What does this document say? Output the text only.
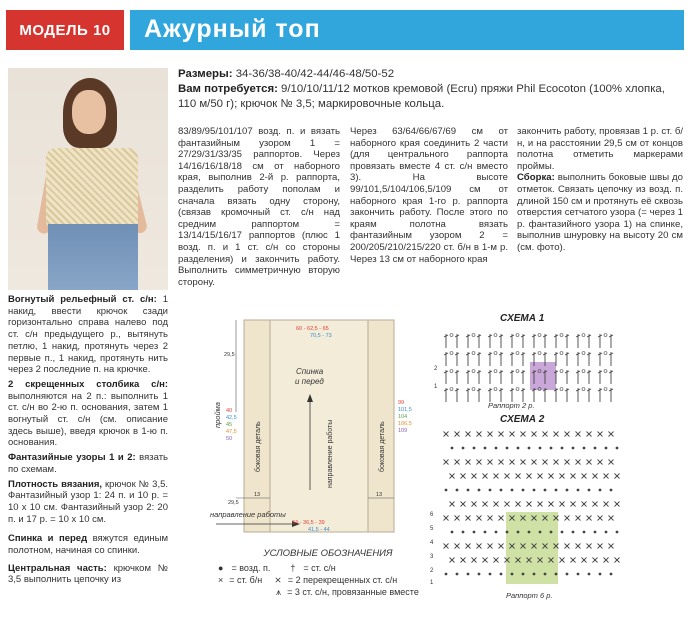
МОДЕЛЬ 10 Ажурный топ

Размеры: 34-36/38-40/42-44/46-48/50-52

Вам потребуется: 9/10/10/11/12 мотков кремовой (Ecru) пряжи Phil Ecocoton (100% хлопка, 110 м/50 г); крючок № 3,5; маркировочные кольца.

Вогнутый рельефный ст. с/н: 1 накид, ввести крючок сзади горизонтально справа налево под ст. с/н предыдущего р., вытянуть петлю, 1 накид, протянуть через 2 первые п., 1 накид, протянуть нить через 2 последние п. на крючке.

2 скрещенных столбика с/н: выполняются на 2 п.: выполнить 1 ст. с/н во 2-ю п. основания, затем 1 вогнутый ст. с/н (см. описание здесь выше), введя крючок в 1-ю п. основания.

Фантазийные узоры 1 и 2: вязать по схемам.

Плотность вязания, крючок № 3,5. Фантазийный узор 1: 24 п. и 10 р. = 10 х 10 см. Фантазийный узор 2: 20 п. и 17 р. = 10 х 10 см.

Спинка и перед вяжутся единым полотном, начиная со спинки.

Центральная часть: крючком № 3,5 выполнить цепочку из

83/89/95/101/107 возд. п. и вязать фантазийным узором 1 = 27/29/31/33/35 раппортов. Через 14/16/16/18/18 см от наборного края, выполнив 2-й р. раппорта, разделить работу пополам и сначала вязать одну сторону, (связав кромочный ст. с/н над средним раппортом = 13/14/15/16/17 раппортов (плюс 1 возд. п. и 1 ст. с/н со стороны разделения) и закончить работу. Выполнить симметричную вторую сторону.

Через 63/64/66/67/69 см от наборного края соединить 2 части (для центрального раппорта провязать вместе 4 ст. с/н вместо 3). На высоте 99/101,5/104/106,5/109 см от наборного края 1-го р. раппорта закончить работу. После этого по краям полотна вязать фантазийным узором 2 = 200/205/210/215/220 ст. б/н в 1-м р. Через 13 см от наборного края

закончить работу, провязав 1 р. ст. б/н, и на расстоянии 29,5 см от концов полотна отметить маркерами проймы.

Сборка: выполнить боковые швы до отметок. Связать цепочку из возд. п. длиной 150 см и протянуть её сквозь отверстия сетчатого узора (= через 1 р. фантазийного узора 1) на спинке, выполнив шнуровку на высоту 20 см (см. фото).

60 - 62,5 - 65
70,5 - 73
29,5
29,5
13	13
40
42,5
45
47,5
50
99
101,5
104
106,5
109
пройма
боковая деталь	боковая деталь
Спинка
и перед
направление работы
направление работы
34 - 36,5 - 39
41,5 - 44
УСЛОВНЫЕ ОБОЗНАЧЕНИЯ
● = возд. п. † = ст. с/н
× = ст. б/н ⨯ = 2 перекрещенных ст. с/н
⩚ = 3 ст. с/н, провязанные вместе
СХЕМА 1
2
1
Раппорт 2 р.
СХЕМА 2
6
5
4
3
2
1
Раппорт 6 р.
